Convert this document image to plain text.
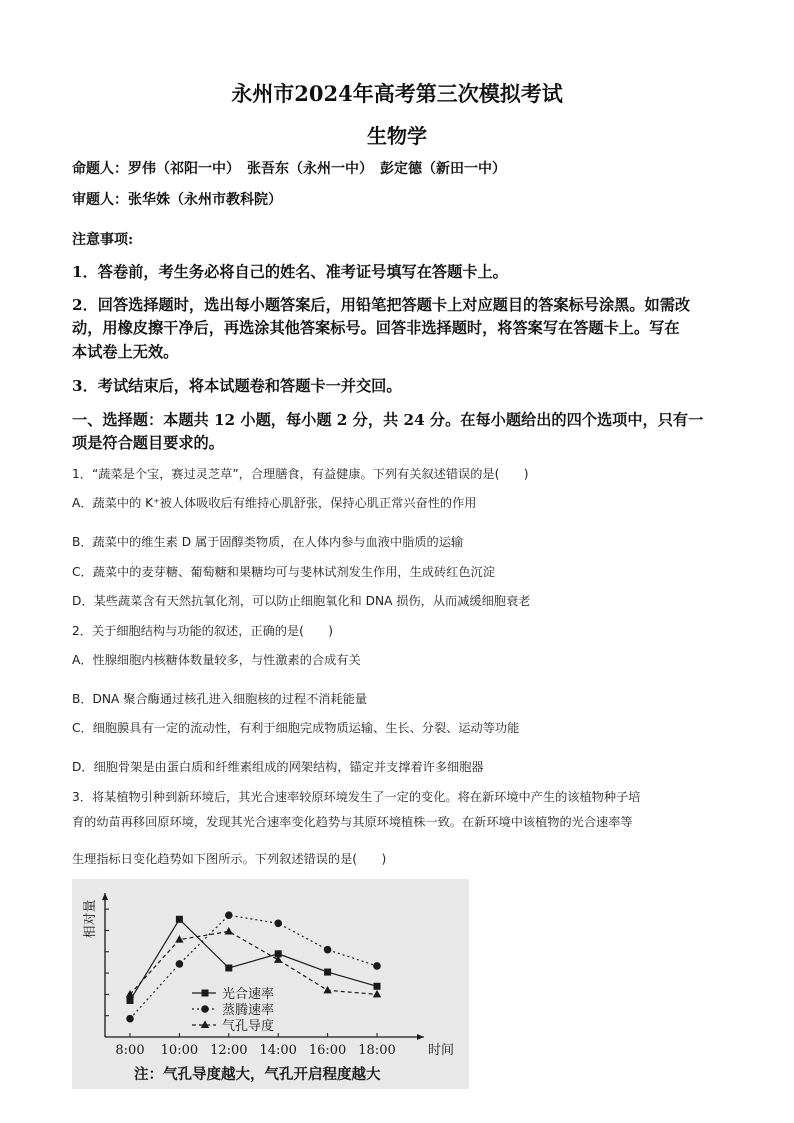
永州市2024年高考第三次模拟考试
生物学
命题人：罗伟（祁阳一中）　张吾东（永州一中）　彭定德（新田一中）
审题人：张华姝（永州市教科院）
注意事项:
1．答卷前，考生务必将自己的姓名、准考证号填写在答题卡上。
2．回答选择题时，选出每小题答案后，用铅笔把答题卡上对应题目的答案标号涂黑。如需改
动，用橡皮擦干净后，再选涂其他答案标号。回答非选择题时，将答案写在答题卡上。写在
本试卷上无效。
3．考试结束后，将本试题卷和答题卡一并交回。
一、选择题：本题共 12 小题，每小题 2 分，共 24 分。在每小题给出的四个选项中，只有一
项是符合题目要求的。
1．“蔬菜是个宝，赛过灵芝草”，合理膳食，有益健康。下列有关叙述错误的是(　　)
A．蔬菜中的 K⁺被人体吸收后有维持心肌舒张，保持心肌正常兴奋性的作用
B．蔬菜中的维生素 D 属于固醇类物质，在人体内参与血液中脂质的运输
C．蔬菜中的麦芽糖、葡萄糖和果糖均可与斐林试剂发生作用，生成砖红色沉淀
D．某些蔬菜含有天然抗氧化剂，可以防止细胞氧化和 DNA 损伤，从而减缓细胞衰老
2．关于细胞结构与功能的叙述，正确的是(　　)
A．性腺细胞内核糖体数量较多，与性激素的合成有关
B．DNA 聚合酶通过核孔进入细胞核的过程不消耗能量
C．细胞膜具有一定的流动性，有利于细胞完成物质运输、生长、分裂、运动等功能
D．细胞骨架是由蛋白质和纤维素组成的网架结构，锚定并支撑着许多细胞器
3．将某植物引种到新环境后，其光合速率较原环境发生了一定的变化。将在新环境中产生的该植物种子培
育的幼苗再移回原环境，发现其光合速率变化趋势与其原环境植株一致。在新环境中该植物的光合速率等
生理指标日变化趋势如下图所示。下列叙述错误的是(　　)
光合速率
蒸腾速率
气孔导度
8:00 10:00 12:00 14:00 16:00 18:00 时间
相对量
注：气孔导度越大，气孔开启程度越大
